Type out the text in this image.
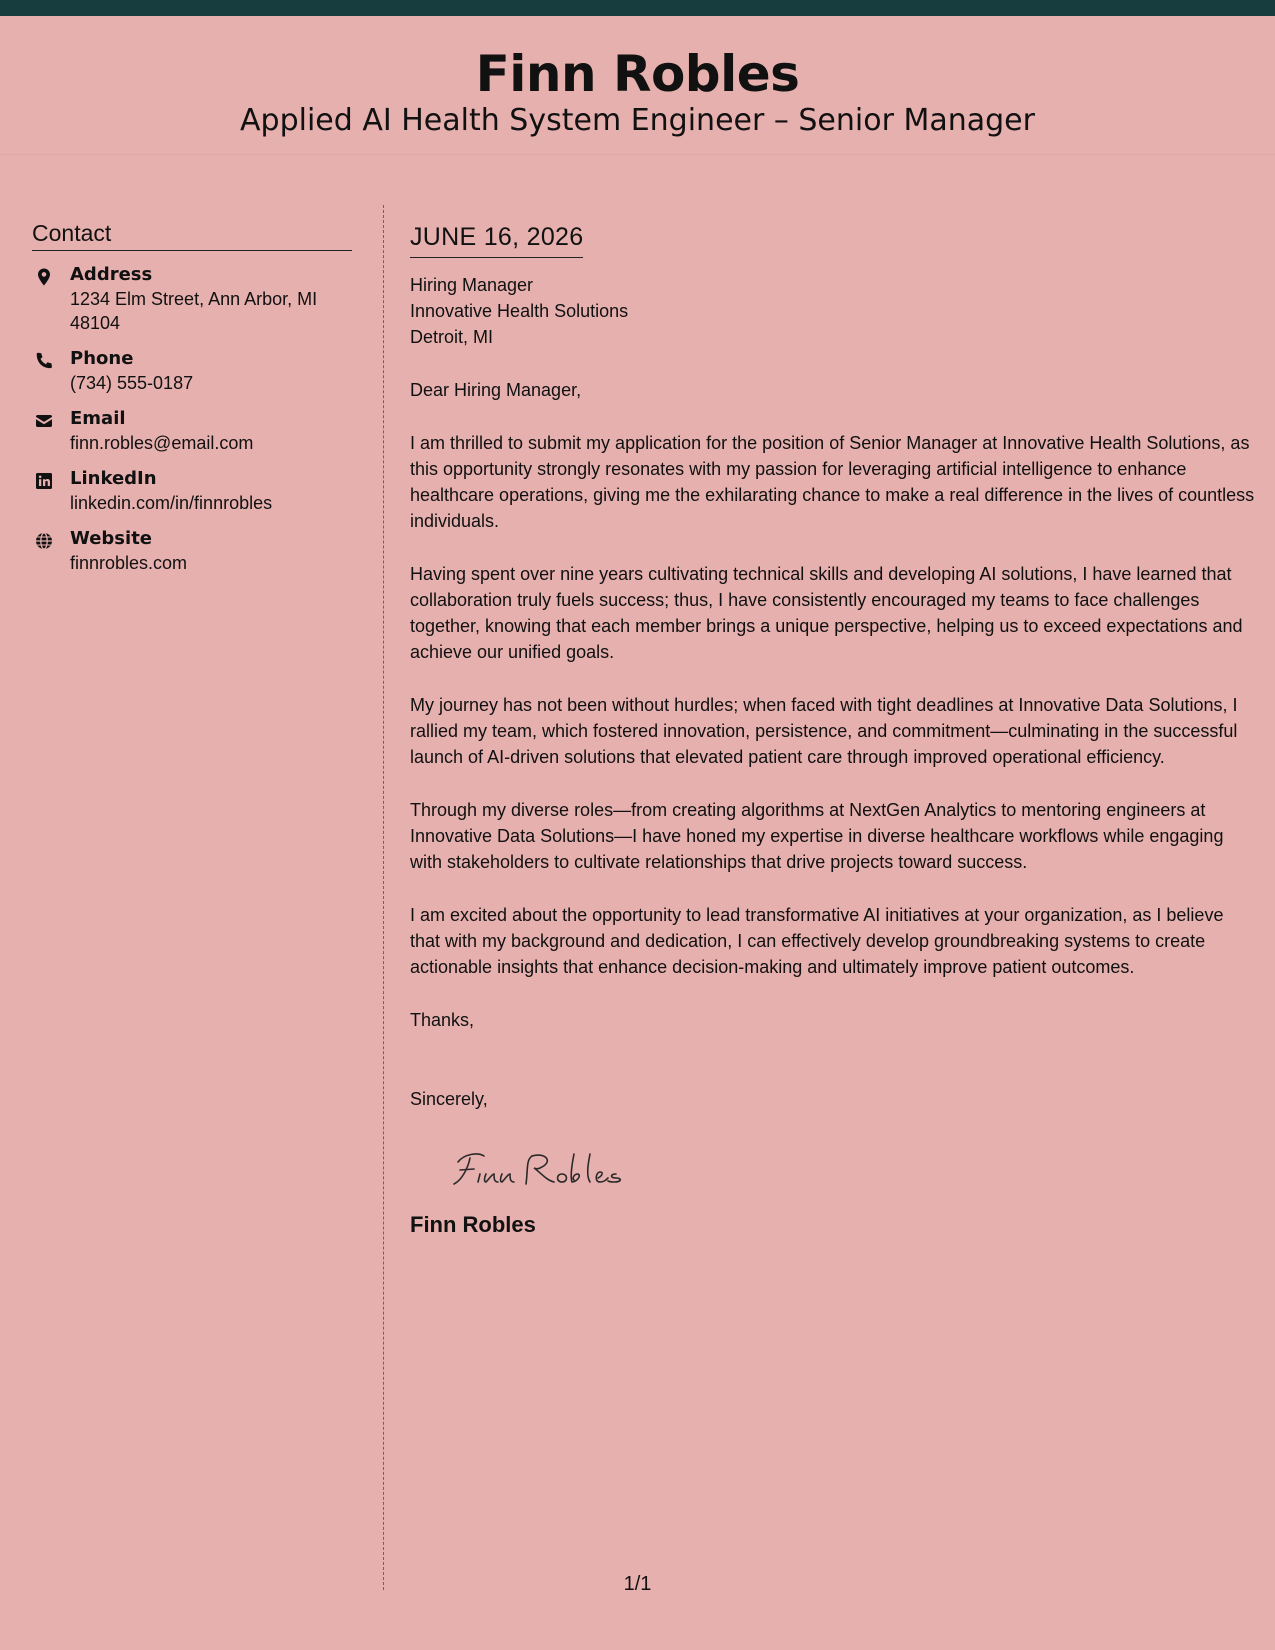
Finn Robles
Applied AI Health System Engineer – Senior Manager
Contact
Address
1234 Elm Street, Ann Arbor, MI 48104
Phone
(734) 555-0187
Email
finn.robles@email.com
LinkedIn
linkedin.com/in/finnrobles
Website
finnrobles.com
JUNE 16, 2026
Hiring Manager
Innovative Health Solutions
Detroit, MI
Dear Hiring Manager,
I am thrilled to submit my application for the position of Senior Manager at Innovative Health Solutions, as this opportunity strongly resonates with my passion for leveraging artificial intelligence to enhance healthcare operations, giving me the exhilarating chance to make a real difference in the lives of countless individuals.
Having spent over nine years cultivating technical skills and developing AI solutions, I have learned that collaboration truly fuels success; thus, I have consistently encouraged my teams to face challenges together, knowing that each member brings a unique perspective, helping us to exceed expectations and achieve our unified goals.
My journey has not been without hurdles; when faced with tight deadlines at Innovative Data Solutions, I rallied my team, which fostered innovation, persistence, and commitment—culminating in the successful launch of AI-driven solutions that elevated patient care through improved operational efficiency.
Through my diverse roles—from creating algorithms at NextGen Analytics to mentoring engineers at Innovative Data Solutions—I have honed my expertise in diverse healthcare workflows while engaging with stakeholders to cultivate relationships that drive projects toward success.
I am excited about the opportunity to lead transformative AI initiatives at your organization, as I believe that with my background and dedication, I can effectively develop groundbreaking systems to create actionable insights that enhance decision-making and ultimately improve patient outcomes.
Thanks,
Sincerely,
Finn Robles
1/1
